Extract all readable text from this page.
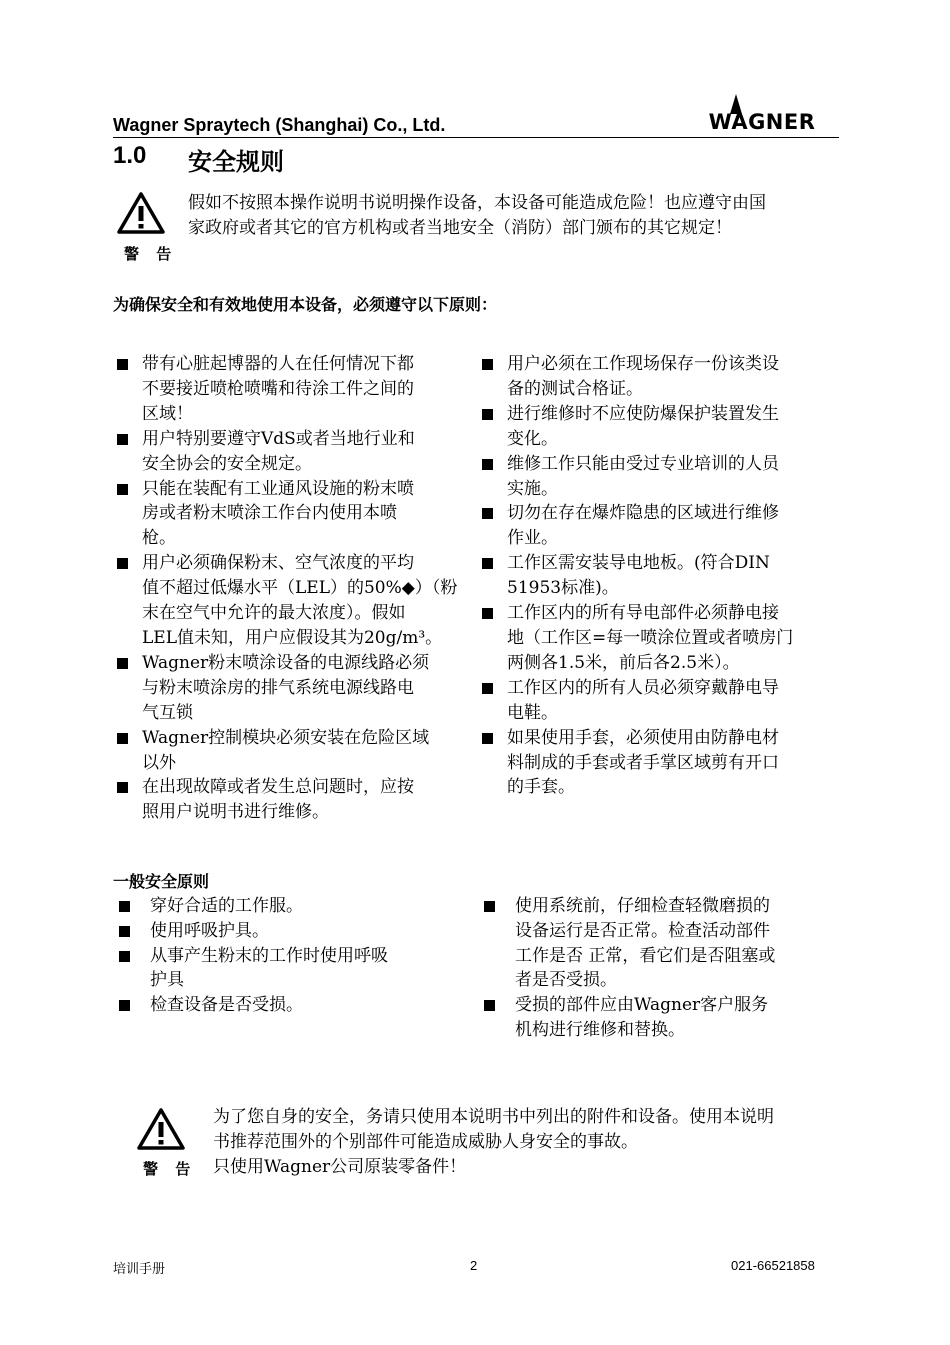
Wagner Spraytech (Shanghai) Co., Ltd.	WAGNER
1.0 安全规则
警 告
假如不按照本操作说明书说明操作设备，本设备可能造成危险！也应遵守由国
家政府或者其它的官方机构或者当地安全（消防）部门颁布的其它规定！
为确保安全和有效地使用本设备，必须遵守以下原则：
带有心脏起博器的人在任何情况下都
不要接近喷枪喷嘴和待涂工件之间的
区域！
用户特别要遵守VdS或者当地行业和
安全协会的安全规定。
只能在装配有工业通风设施的粉末喷
房或者粉末喷涂工作台内使用本喷
枪。
用户必须确保粉末、空气浓度的平均
值不超过低爆水平（LEL）的50%◆）（粉
末在空气中允许的最大浓度）。假如
LEL值未知，用户应假设其为20g/m³。
Wagner粉末喷涂设备的电源线路必须
与粉末喷涂房的排气系统电源线路电
气互锁
Wagner控制模块必须安装在危险区域
以外
在出现故障或者发生总问题时，应按
照用户说明书进行维修。
用户必须在工作现场保存一份该类设
备的测试合格证。
进行维修时不应使防爆保护装置发生
变化。
维修工作只能由受过专业培训的人员
实施。
切勿在存在爆炸隐患的区域进行维修
作业。
工作区需安装导电地板。(符合DIN
51953标准)。
工作区内的所有导电部件必须静电接
地（工作区=每一喷涂位置或者喷房门
两侧各1.5米，前后各2.5米）。
工作区内的所有人员必须穿戴静电导
电鞋。
如果使用手套，必须使用由防静电材
料制成的手套或者手掌区域剪有开口
的手套。
一般安全原则
穿好合适的工作服。
使用呼吸护具。
从事产生粉末的工作时使用呼吸
护具
检查设备是否受损。
使用系统前，仔细检查轻微磨损的
设备运行是否正常。检查活动部件
工作是否 正常，看它们是否阻塞或
者是否受损。
受损的部件应由Wagner客户服务
机构进行维修和替换。
警 告
为了您自身的安全，务请只使用本说明书中列出的附件和设备。使用本说明
书推荐范围外的个别部件可能造成威胁人身安全的事故。
只使用Wagner公司原装零备件！
培训手册	2	021-66521858
